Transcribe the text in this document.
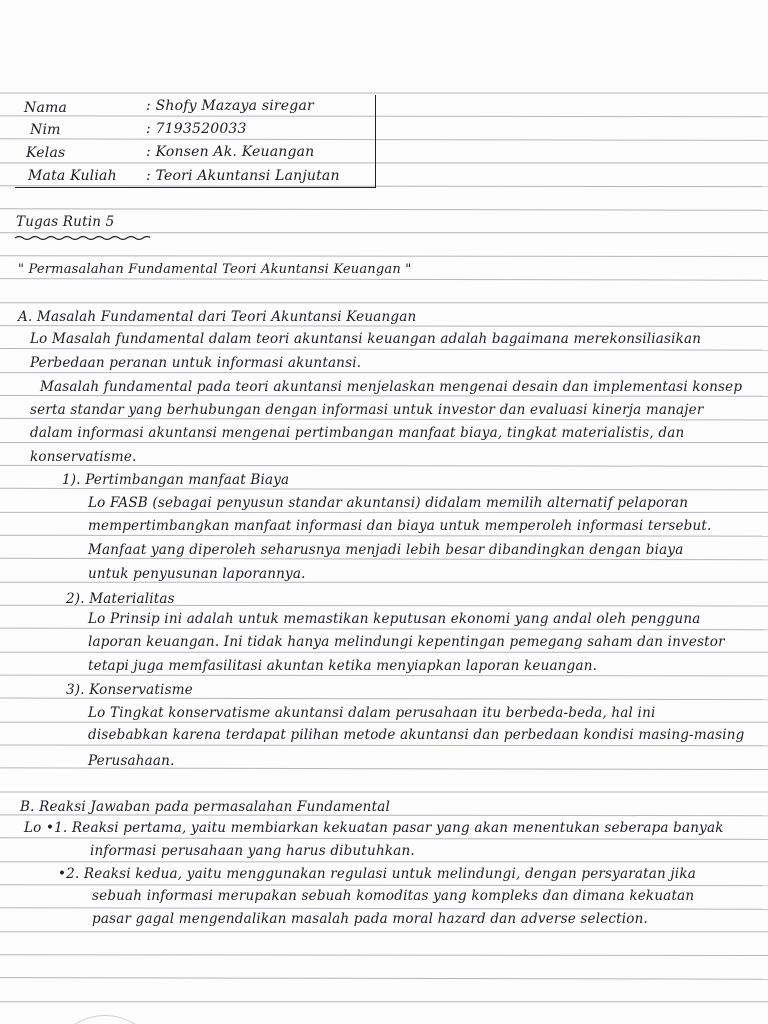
Nama	: Shofy Mazaya siregar
Nim	: 7193520033
Kelas	: Konsen Ak. Keuangan
Mata Kuliah : Teori Akuntansi Lanjutan
Tugas Rutin 5
" Permasalahan Fundamental Teori Akuntansi Keuangan "
A. Masalah Fundamental dari Teori Akuntansi Keuangan
Lo Masalah fundamental dalam teori akuntansi keuangan adalah bagaimana merekonsiliasikan
Perbedaan peranan untuk informasi akuntansi.
Masalah fundamental pada teori akuntansi menjelaskan mengenai desain dan implementasi konsep
serta standar yang berhubungan dengan informasi untuk investor dan evaluasi kinerja manajer
dalam informasi akuntansi mengenai pertimbangan manfaat biaya, tingkat materialistis, dan
konservatisme.
1). Pertimbangan manfaat Biaya
Lo FASB (sebagai penyusun standar akuntansi) didalam memilih alternatif pelaporan
mempertimbangkan manfaat informasi dan biaya untuk memperoleh informasi tersebut.
Manfaat yang diperoleh seharusnya menjadi lebih besar dibandingkan dengan biaya
untuk penyusunan laporannya.
2). Materialitas
Lo Prinsip ini adalah untuk memastikan keputusan ekonomi yang andal oleh pengguna
laporan keuangan. Ini tidak hanya melindungi kepentingan pemegang saham dan investor
tetapi juga memfasilitasi akuntan ketika menyiapkan laporan keuangan.
3). Konservatisme
Lo Tingkat konservatisme akuntansi dalam perusahaan itu berbeda-beda, hal ini
disebabkan karena terdapat pilihan metode akuntansi dan perbedaan kondisi masing-masing
Perusahaan.
B. Reaksi Jawaban pada permasalahan Fundamental
Lo •1. Reaksi pertama, yaitu membiarkan kekuatan pasar yang akan menentukan seberapa banyak
informasi perusahaan yang harus dibutuhkan.
•2. Reaksi kedua, yaitu menggunakan regulasi untuk melindungi, dengan persyaratan jika
sebuah informasi merupakan sebuah komoditas yang kompleks dan dimana kekuatan
pasar gagal mengendalikan masalah pada moral hazard dan adverse selection.
